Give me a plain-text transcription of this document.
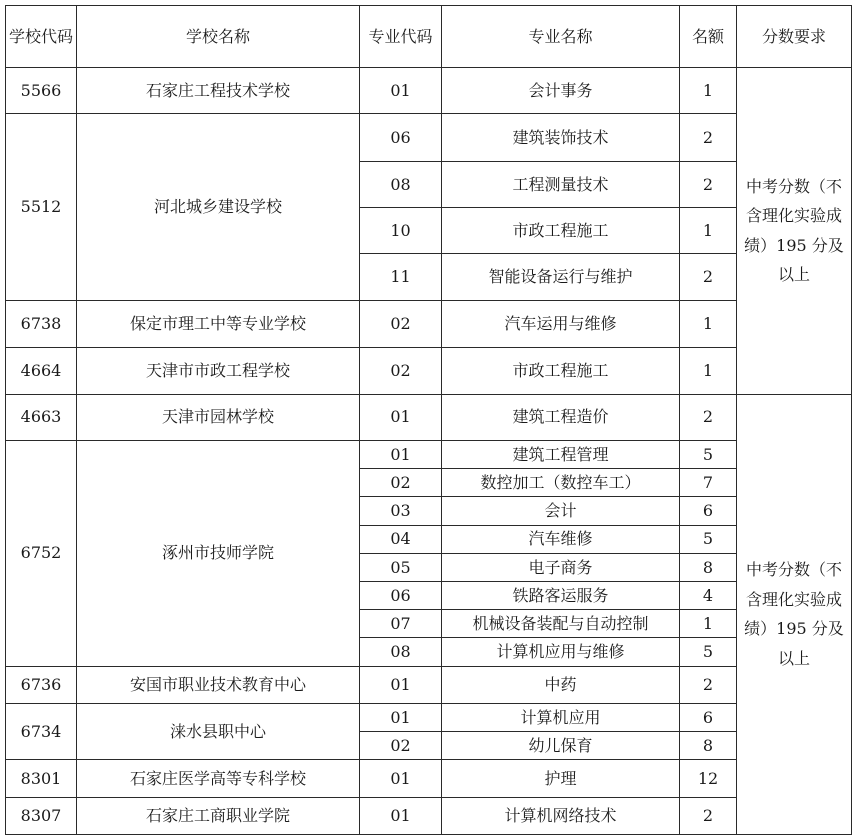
学校代码	学校名称	专业代码	专业名称	名额	分数要求
5566	石家庄工程技术学校	01	会计事务	1	中考分数（不含理化实验成绩）195 分及以上
5512	河北城乡建设学校	06	建筑装饰技术	2	
		08	工程测量技术	2	
		10	市政工程施工	1	
		11	智能设备运行与维护	2	
6738	保定市理工中等专业学校	02	汽车运用与维修	1	
4664	天津市市政工程学校	02	市政工程施工	1	
4663	天津市园林学校	01	建筑工程造价	2	中考分数（不含理化实验成绩）195 分及以上
6752	涿州市技师学院	01	建筑工程管理	5	
		02	数控加工（数控车工）	7	
		03	会计	6	
		04	汽车维修	5	
		05	电子商务	8	
		06	铁路客运服务	4	
		07	机械设备装配与自动控制	1	
		08	计算机应用与维修	5	
6736	安国市职业技术教育中心	01	中药	2	
6734	涞水县职中心	01	计算机应用	6	
		02	幼儿保育	8	
8301	石家庄医学高等专科学校	01	护理	12	
8307	石家庄工商职业学院	01	计算机网络技术	2	
